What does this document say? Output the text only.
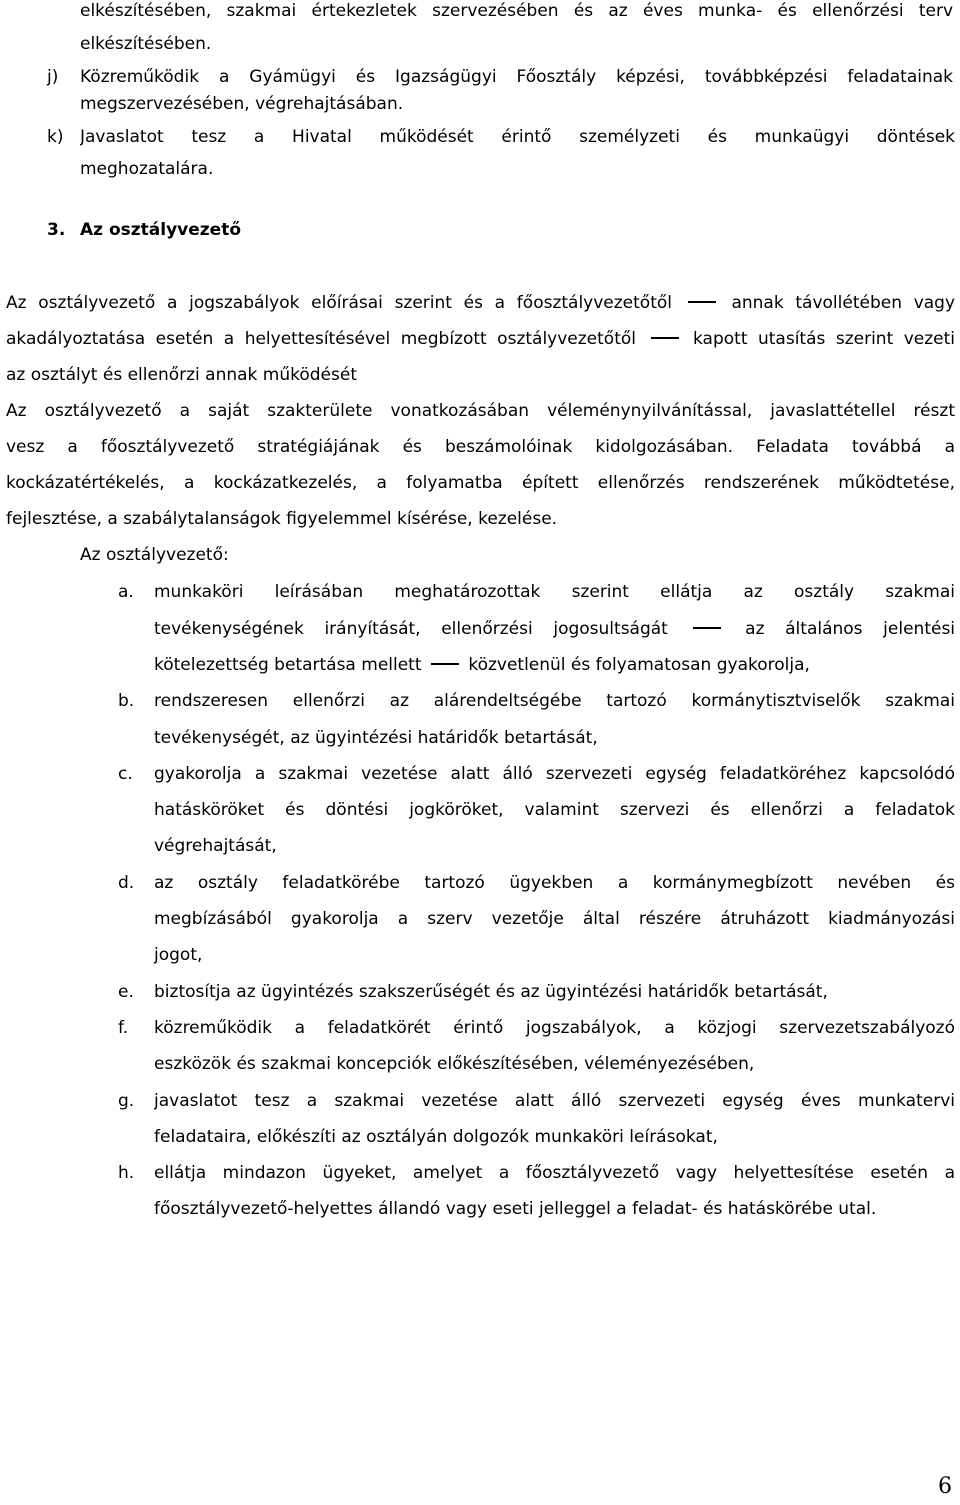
elkészítésében, szakmai értekezletek szervezésében és az éves munka- és ellenőrzési terv
elkészítésében.
j) Közreműködik a Gyámügyi és Igazságügyi Főosztály képzési, továbbképzési feladatainak
megszervezésében, végrehajtásában.
k) Javaslatot tesz a Hivatal működését érintő személyzeti és munkaügyi döntések
meghozatalára.
3. Az osztályvezető
Az osztályvezető a jogszabályok előírásai szerint és a főosztályvezetőtől	annak távollétében vagy
akadályoztatása esetén a helyettesítésével megbízott osztályvezetőtől	kapott utasítás szerint vezeti
az osztályt és ellenőrzi annak működését
Az osztályvezető a saját szakterülete vonatkozásában véleménynyilvánítással, javaslattétellel részt
vesz a főosztályvezető stratégiájának és beszámolóinak kidolgozásában. Feladata továbbá a
kockázatértékelés, a kockázatkezelés, a folyamatba épített ellenőrzés rendszerének működtetése,
fejlesztése, a szabálytalanságok figyelemmel kísérése, kezelése.
Az osztályvezető:
a. munkaköri leírásában meghatározottak szerint ellátja az osztály szakmai
tevékenységének irányítását, ellenőrzési jogosultságát	az általános jelentési
kötelezettség betartása mellett	közvetlenül és folyamatosan gyakorolja,
b. rendszeresen ellenőrzi az alárendeltségébe tartozó kormánytisztviselők szakmai
tevékenységét, az ügyintézési határidők betartását,
c. gyakorolja a szakmai vezetése alatt álló szervezeti egység feladatköréhez kapcsolódó
hatásköröket és döntési jogköröket, valamint szervezi és ellenőrzi a feladatok
végrehajtását,
d. az osztály feladatkörébe tartozó ügyekben a kormánymegbízott nevében és
megbízásából gyakorolja a szerv vezetője által részére átruházott kiadmányozási
jogot,
e. biztosítja az ügyintézés szakszerűségét és az ügyintézési határidők betartását,
f. közreműködik a feladatkörét érintő jogszabályok, a közjogi szervezetszabályozó
eszközök és szakmai koncepciók előkészítésében, véleményezésében,
g. javaslatot tesz a szakmai vezetése alatt álló szervezeti egység éves munkatervi
feladataira, előkészíti az osztályán dolgozók munkaköri leírásokat,
h. ellátja mindazon ügyeket, amelyet a főosztályvezető vagy helyettesítése esetén a
főosztályvezető-helyettes állandó vagy eseti jelleggel a feladat- és hatáskörébe utal.
6
